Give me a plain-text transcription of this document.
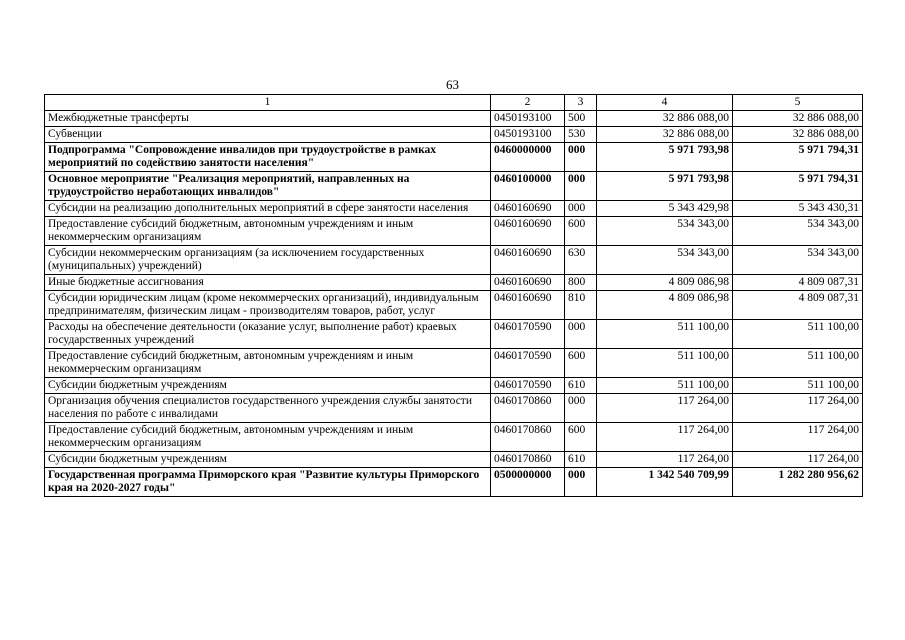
63
1	2	3	4	5
Межбюджетные трансферты	0450193100	500	32 886 088,00	32 886 088,00
Субвенции	0450193100	530	32 886 088,00	32 886 088,00
Подпрограмма "Сопровождение инвалидов при трудоустройстве в рамках мероприятий по содействию занятости населения"	0460000000	000	5 971 793,98	5 971 794,31
Основное мероприятие "Реализация мероприятий, направленных на трудоустройство неработающих инвалидов"	0460100000	000	5 971 793,98	5 971 794,31
Субсидии на реализацию дополнительных мероприятий в сфере занятости населения	0460160690	000	5 343 429,98	5 343 430,31
Предоставление субсидий бюджетным, автономным учреждениям и иным некоммерческим организациям	0460160690	600	534 343,00	534 343,00
Субсидии некоммерческим организациям (за исключением государственных (муниципальных) учреждений)	0460160690	630	534 343,00	534 343,00
Иные бюджетные ассигнования	0460160690	800	4 809 086,98	4 809 087,31
Субсидии юридическим лицам (кроме некоммерческих организаций), индивидуальным предпринимателям, физическим лицам - производителям товаров, работ, услуг	0460160690	810	4 809 086,98	4 809 087,31
Расходы на обеспечение деятельности (оказание услуг, выполнение работ) краевых государственных учреждений	0460170590	000	511 100,00	511 100,00
Предоставление субсидий бюджетным, автономным учреждениям и иным некоммерческим организациям	0460170590	600	511 100,00	511 100,00
Субсидии бюджетным учреждениям	0460170590	610	511 100,00	511 100,00
Организация обучения специалистов государственного учреждения службы занятости населения по работе с инвалидами	0460170860	000	117 264,00	117 264,00
Предоставление субсидий бюджетным, автономным учреждениям и иным некоммерческим организациям	0460170860	600	117 264,00	117 264,00
Субсидии бюджетным учреждениям	0460170860	610	117 264,00	117 264,00
Государственная программа Приморского края "Развитие культуры Приморского края на 2020-2027 годы"	0500000000	000	1 342 540 709,99	1 282 280 956,62
